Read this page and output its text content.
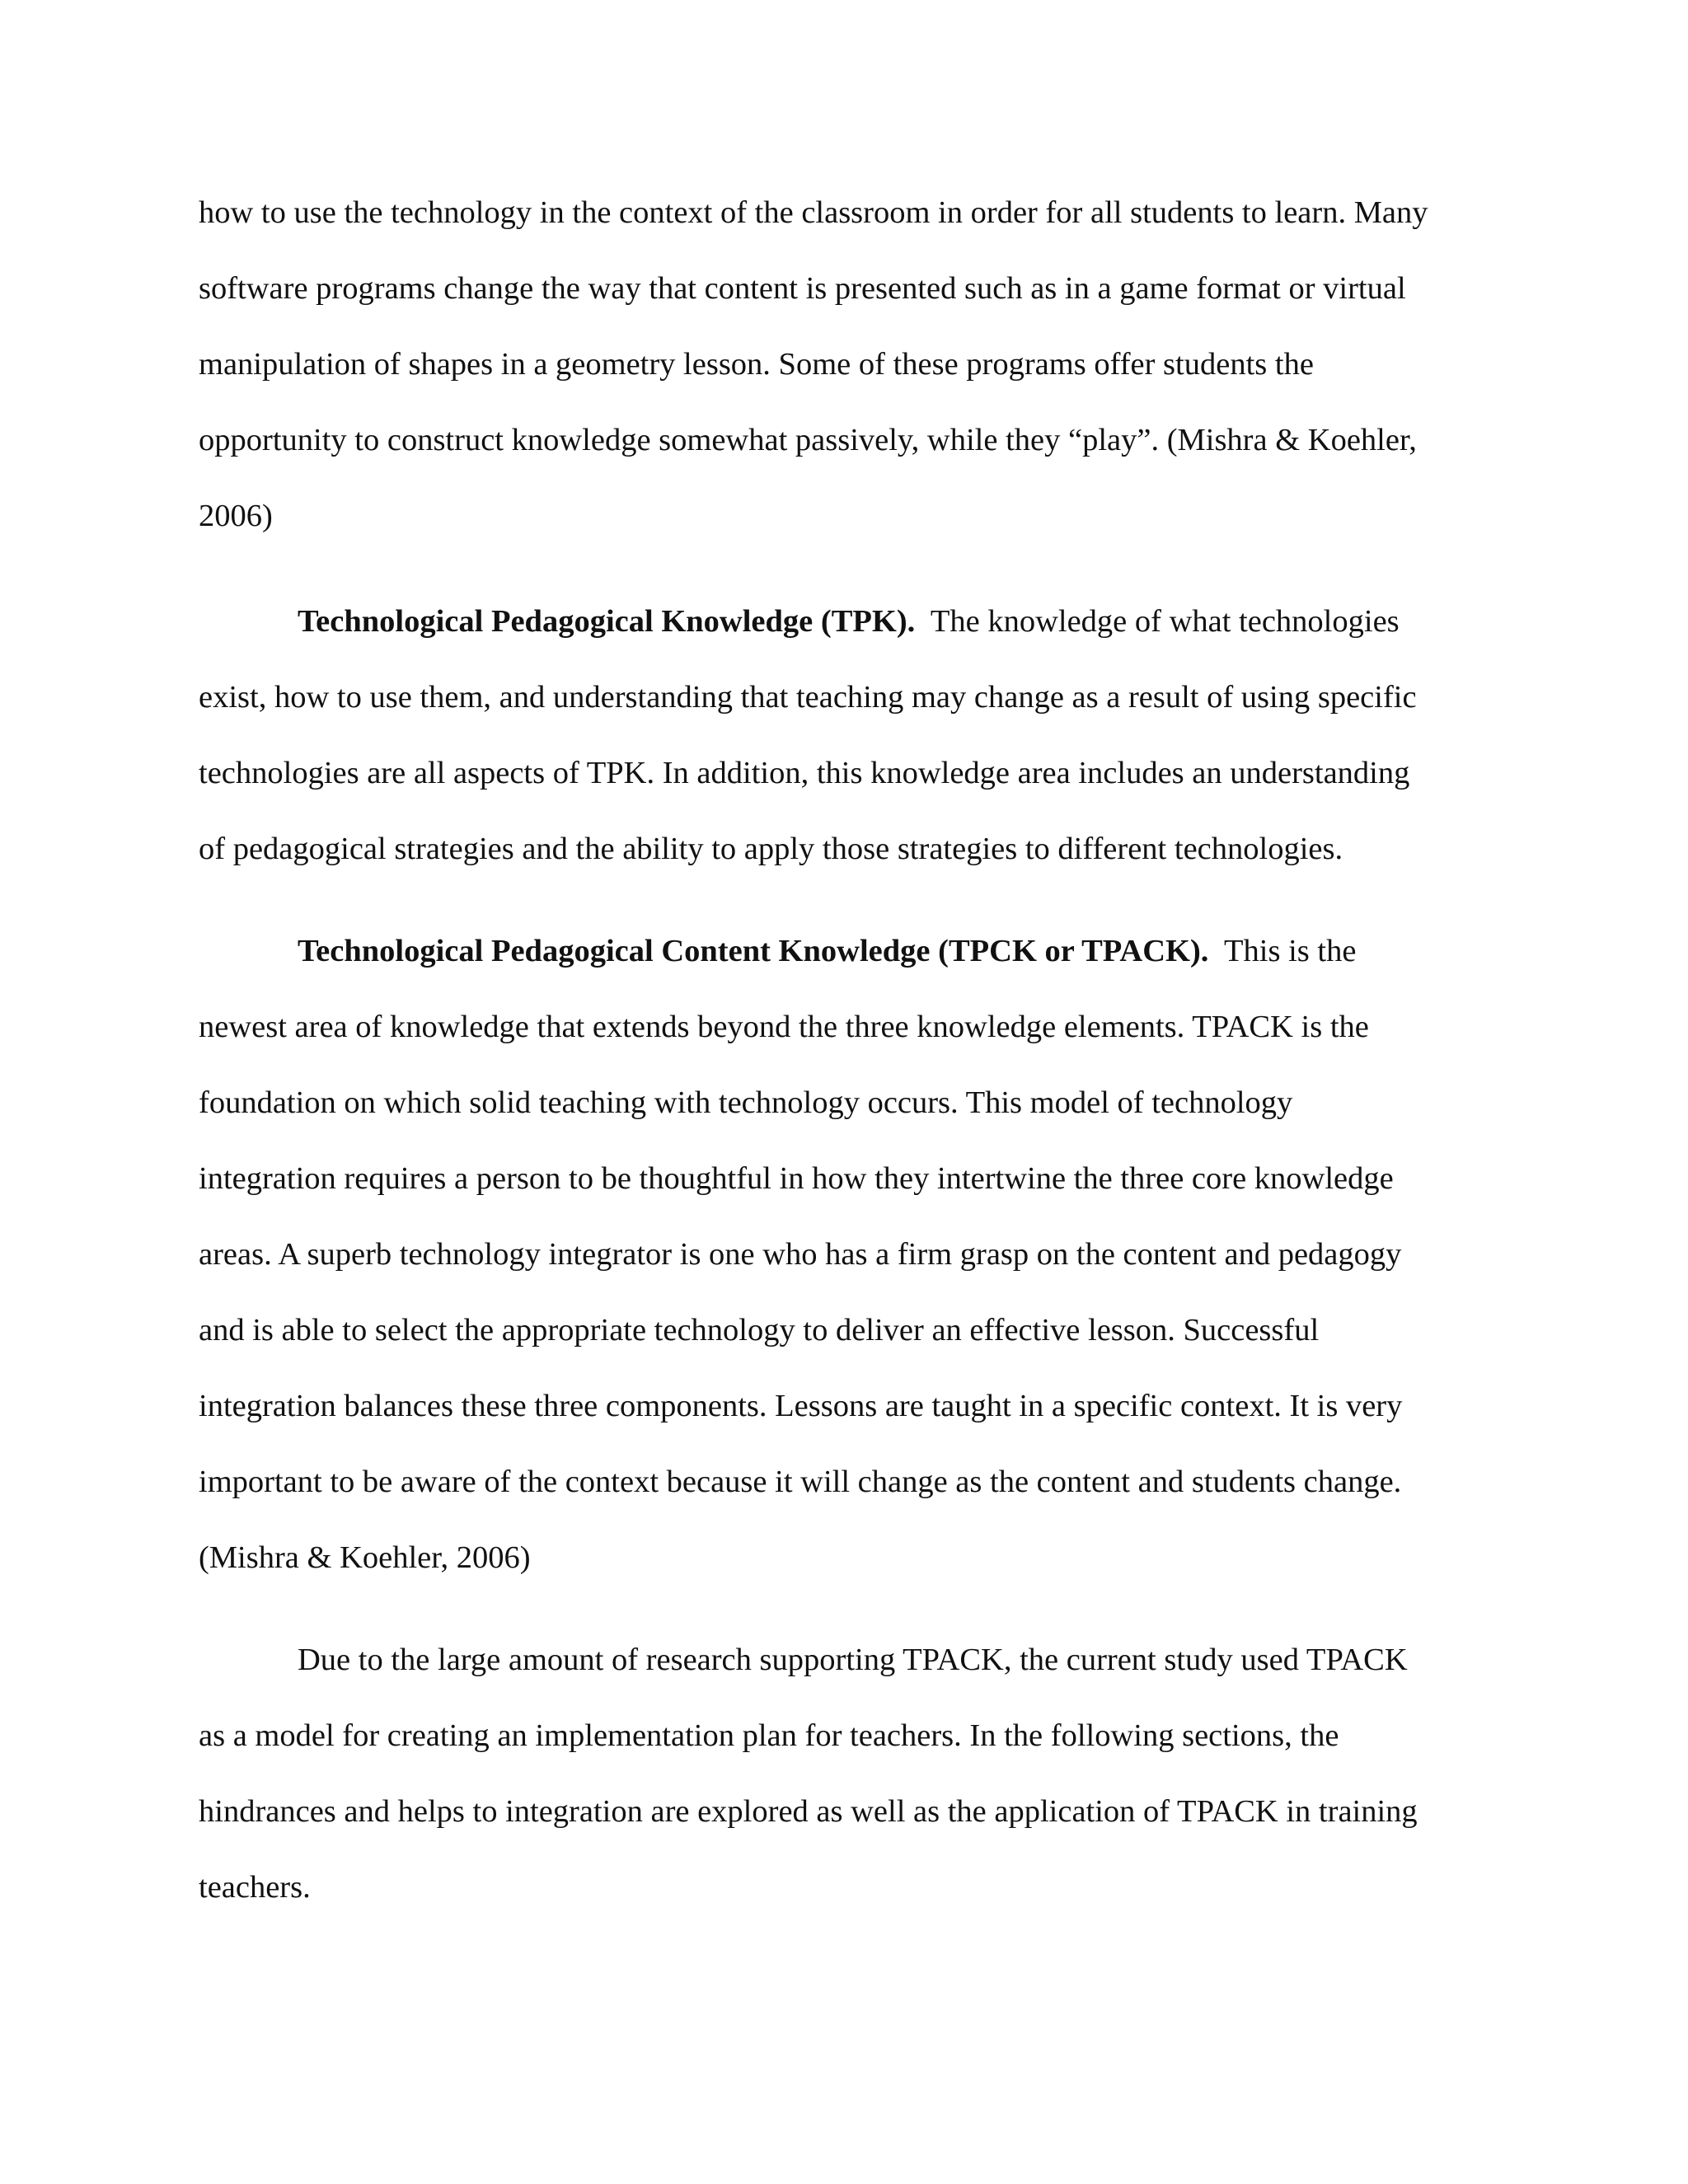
how to use the technology in the context of the classroom in order for all students to learn. Many

software programs change the way that content is presented such as in a game format or virtual

manipulation of shapes in a geometry lesson. Some of these programs offer students the

opportunity to construct knowledge somewhat passively, while they “play”. (Mishra & Koehler,

2006)

Technological Pedagogical Knowledge (TPK).  The knowledge of what technologies

exist, how to use them, and understanding that teaching may change as a result of using specific

technologies are all aspects of TPK. In addition, this knowledge area includes an understanding

of pedagogical strategies and the ability to apply those strategies to different technologies.

Technological Pedagogical Content Knowledge (TPCK or TPACK).  This is the

newest area of knowledge that extends beyond the three knowledge elements. TPACK is the

foundation on which solid teaching with technology occurs. This model of technology

integration requires a person to be thoughtful in how they intertwine the three core knowledge

areas. A superb technology integrator is one who has a firm grasp on the content and pedagogy

and is able to select the appropriate technology to deliver an effective lesson. Successful

integration balances these three components. Lessons are taught in a specific context. It is very

important to be aware of the context because it will change as the content and students change.

(Mishra & Koehler, 2006)

Due to the large amount of research supporting TPACK, the current study used TPACK

as a model for creating an implementation plan for teachers. In the following sections, the

hindrances and helps to integration are explored as well as the application of TPACK in training

teachers.
